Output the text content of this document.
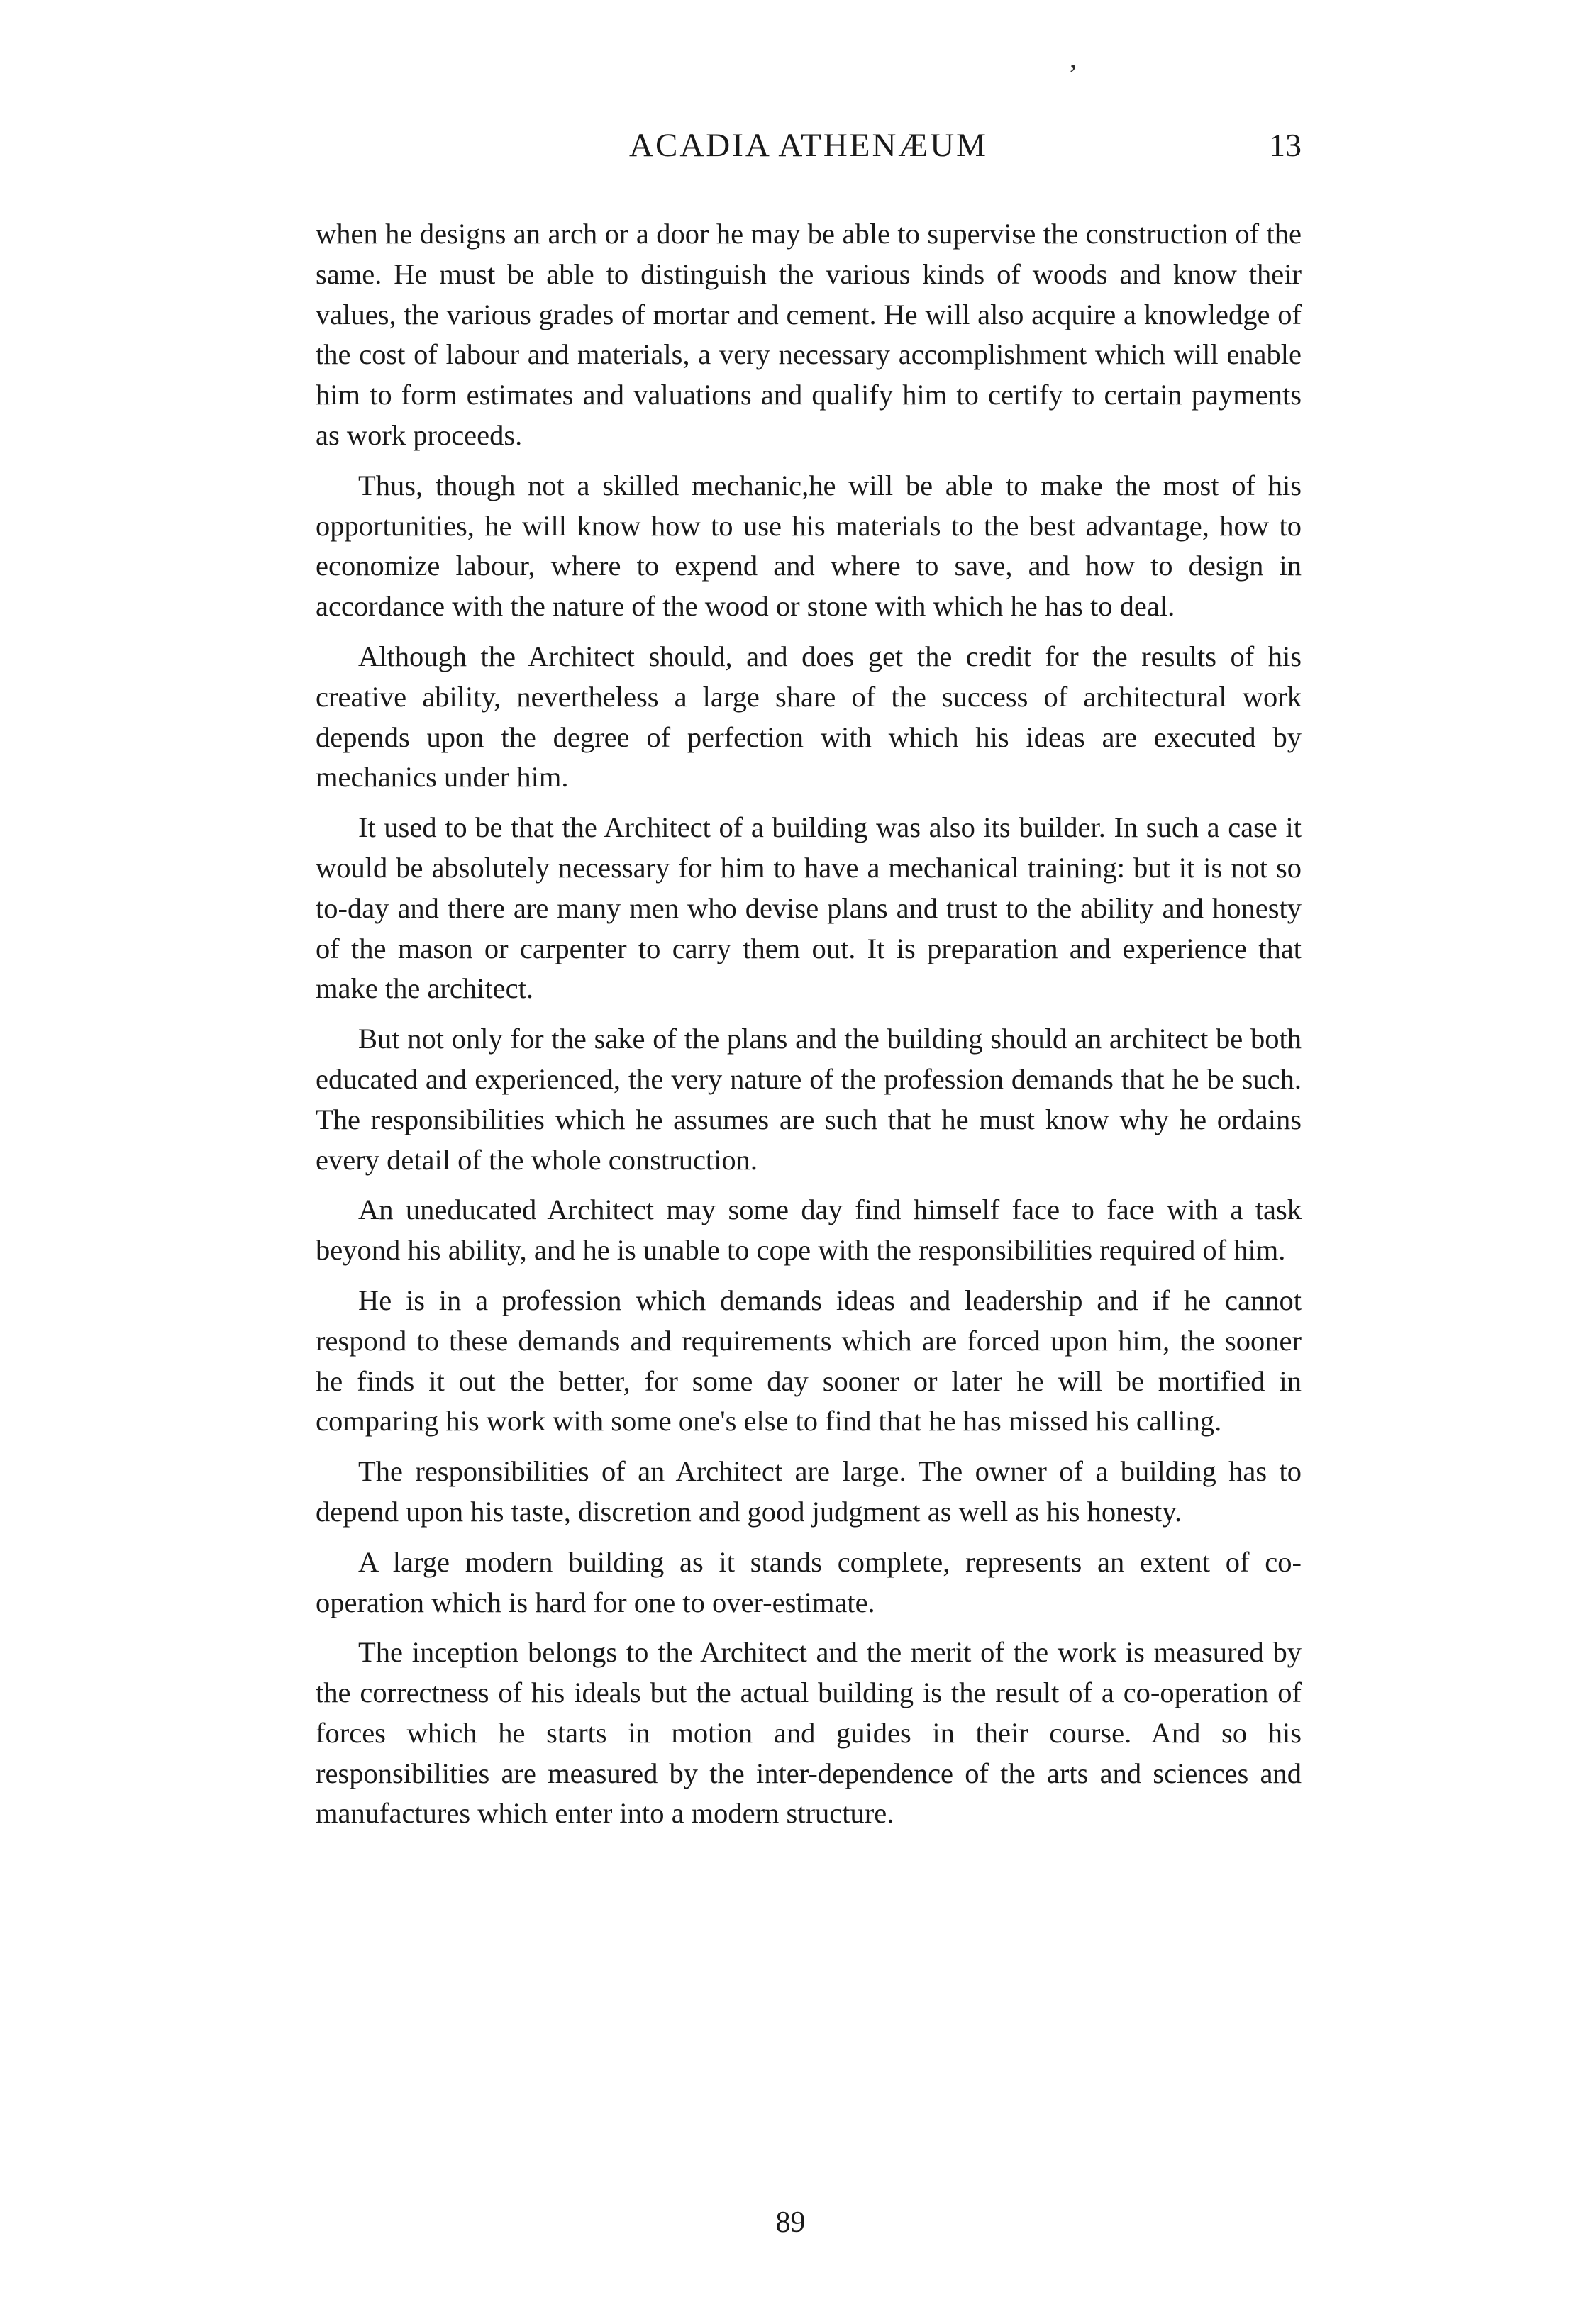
ACADIA ATHENÆUM	13
,

when he designs an arch or a door he may be able to supervise the construction of the same. He must be able to distinguish the various kinds of woods and know their values, the various grades of mortar and cement. He will also acquire a knowledge of the cost of labour and materials, a very necessary accomplishment which will enable him to form estimates and valuations and qualify him to certify to certain payments as work proceeds.

Thus, though not a skilled mechanic,he will be able to make the most of his opportunities, he will know how to use his materials to the best advantage, how to economize labour, where to expend and where to save, and how to design in accordance with the nature of the wood or stone with which he has to deal.

Although the Architect should, and does get the credit for the results of his creative ability, nevertheless a large share of the success of architectural work depends upon the degree of perfection with which his ideas are executed by mechanics under him.

It used to be that the Architect of a building was also its builder. In such a case it would be absolutely necessary for him to have a mechanical training: but it is not so to-day and there are many men who devise plans and trust to the ability and honesty of the mason or carpenter to carry them out. It is preparation and experience that make the architect.

But not only for the sake of the plans and the building should an architect be both educated and experienced, the very nature of the profession demands that he be such. The responsibilities which he assumes are such that he must know why he ordains every detail of the whole construction.

An uneducated Architect may some day find himself face to face with a task beyond his ability, and he is unable to cope with the responsibilities required of him.

He is in a profession which demands ideas and leadership and if he cannot respond to these demands and requirements which are forced upon him, the sooner he finds it out the better, for some day sooner or later he will be mortified in comparing his work with some one's else to find that he has missed his calling.

The responsibilities of an Architect are large. The owner of a building has to depend upon his taste, discretion and good judgment as well as his honesty.

A large modern building as it stands complete, represents an extent of co-operation which is hard for one to over-estimate.

The inception belongs to the Architect and the merit of the work is measured by the correctness of his ideals but the actual building is the result of a co-operation of forces which he starts in motion and guides in their course. And so his responsibilities are measured by the inter-dependence of the arts and sciences and manufactures which enter into a modern structure.

89
